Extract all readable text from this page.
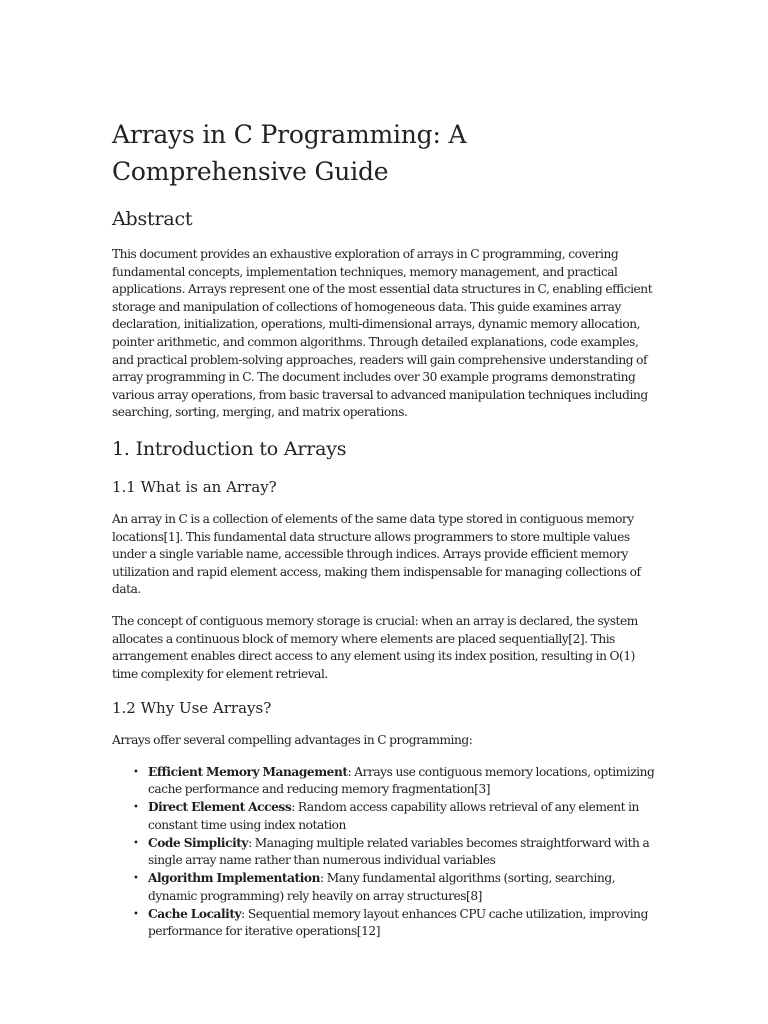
Arrays in C Programming: A Comprehensive Guide
Abstract

This document provides an exhaustive exploration of arrays in C programming, covering fundamental concepts, implementation techniques, memory management, and practical applications. Arrays represent one of the most essential data structures in C, enabling efficient storage and manipulation of collections of homogeneous data. This guide examines array declaration, initialization, operations, multi-dimensional arrays, dynamic memory allocation, pointer arithmetic, and common algorithms. Through detailed explanations, code examples, and practical problem-solving approaches, readers will gain comprehensive understanding of array programming in C. The document includes over 30 example programs demonstrating various array operations, from basic traversal to advanced manipulation techniques including searching, sorting, merging, and matrix operations.

1. Introduction to Arrays
1.1 What is an Array?

An array in C is a collection of elements of the same data type stored in contiguous memory locations[1]. This fundamental data structure allows programmers to store multiple values under a single variable name, accessible through indices. Arrays provide efficient memory utilization and rapid element access, making them indispensable for managing collections of data.

The concept of contiguous memory storage is crucial: when an array is declared, the system allocates a continuous block of memory where elements are placed sequentially[2]. This arrangement enables direct access to any element using its index position, resulting in O(1) time complexity for element retrieval.

1.2 Why Use Arrays?

Arrays offer several compelling advantages in C programming:

• Efficient Memory Management: Arrays use contiguous memory locations, optimizing cache performance and reducing memory fragmentation[3]
• Direct Element Access: Random access capability allows retrieval of any element in constant time using index notation
• Code Simplicity: Managing multiple related variables becomes straightforward with a single array name rather than numerous individual variables
• Algorithm Implementation: Many fundamental algorithms (sorting, searching, dynamic programming) rely heavily on array structures[8]
• Cache Locality: Sequential memory layout enhances CPU cache utilization, improving performance for iterative operations[12]
